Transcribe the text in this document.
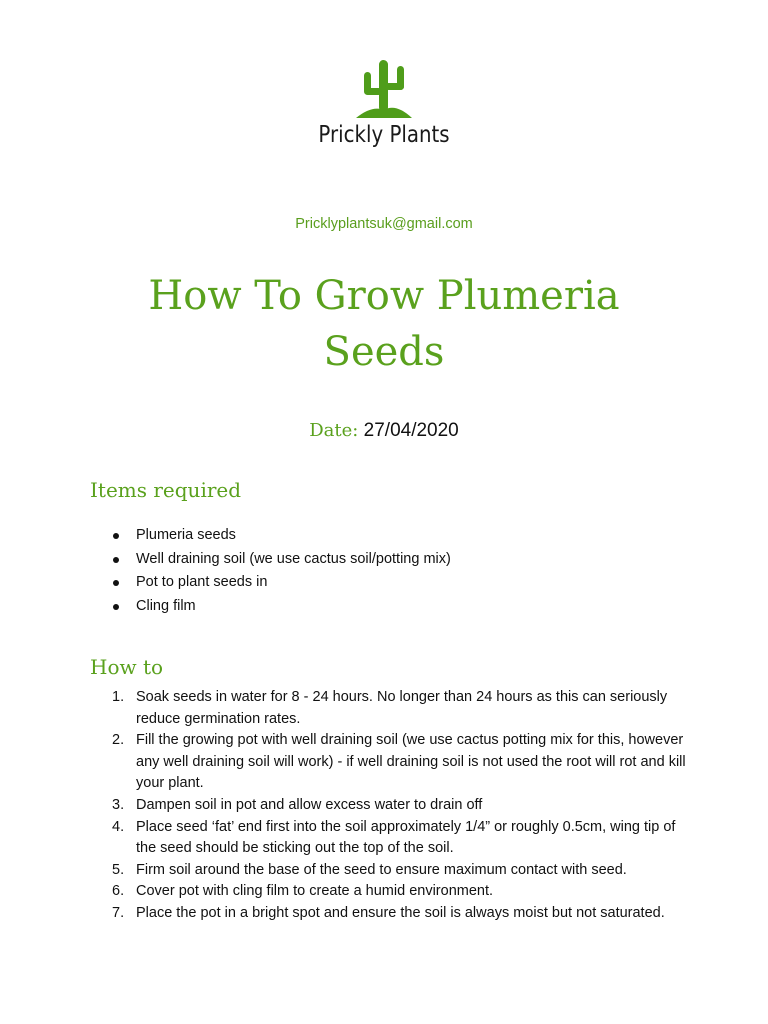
Prickly Plants
Pricklyplantsuk@gmail.com
How To Grow Plumeria
Seeds
Date: 27/04/2020
Items required
Plumeria seeds
Well draining soil (we use cactus soil/potting mix)
Pot to plant seeds in
Cling film
How to
1. Soak seeds in water for 8 - 24 hours. No longer than 24 hours as this can seriously reduce germination rates.
2. Fill the growing pot with well draining soil (we use cactus potting mix for this, however any well draining soil will work) - if well draining soil is not used the root will rot and kill your plant.
3. Dampen soil in pot and allow excess water to drain off
4. Place seed ‘fat’ end first into the soil approximately 1/4” or roughly 0.5cm, wing tip of the seed should be sticking out the top of the soil.
5. Firm soil around the base of the seed to ensure maximum contact with seed.
6. Cover pot with cling film to create a humid environment.
7. Place the pot in a bright spot and ensure the soil is always moist but not saturated.
